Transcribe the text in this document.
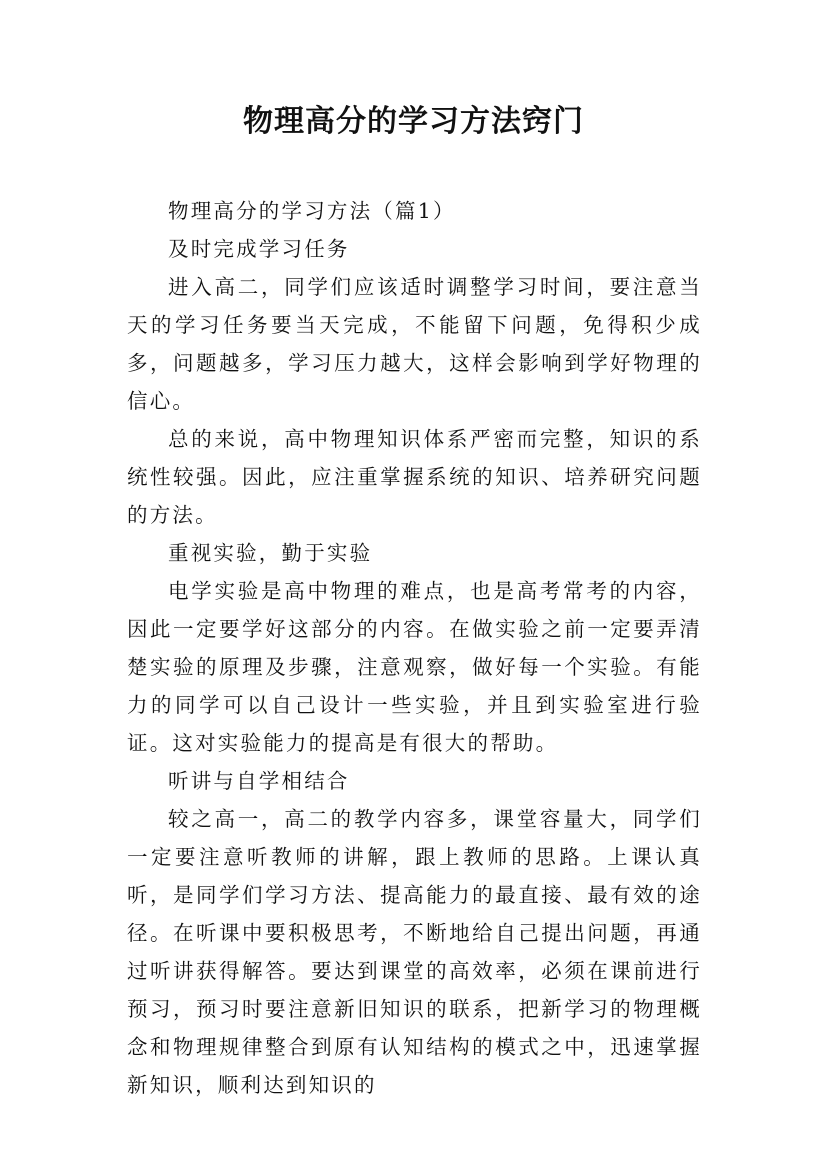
物理高分的学习方法窍门

物理高分的学习方法（篇1）

及时完成学习任务

进入高二，同学们应该适时调整学习时间，要注意当天的学习任务要当天完成，不能留下问题，免得积少成多，问题越多，学习压力越大，这样会影响到学好物理的信心。

总的来说，高中物理知识体系严密而完整，知识的系统性较强。因此，应注重掌握系统的知识、培养研究问题的方法。

重视实验，勤于实验

电学实验是高中物理的难点，也是高考常考的内容，因此一定要学好这部分的内容。在做实验之前一定要弄清楚实验的原理及步骤，注意观察，做好每一个实验。有能力的同学可以自己设计一些实验，并且到实验室进行验证。这对实验能力的提高是有很大的帮助。

听讲与自学相结合

较之高一，高二的教学内容多，课堂容量大，同学们一定要注意听教师的讲解，跟上教师的思路。上课认真听，是同学们学习方法、提高能力的最直接、最有效的途径。在听课中要积极思考，不断地给自己提出问题，再通过听讲获得解答。要达到课堂的高效率，必须在课前进行预习，预习时要注意新旧知识的联系，把新学习的物理概念和物理规律整合到原有认知结构的模式之中，迅速掌握新知识，顺利达到知识的
